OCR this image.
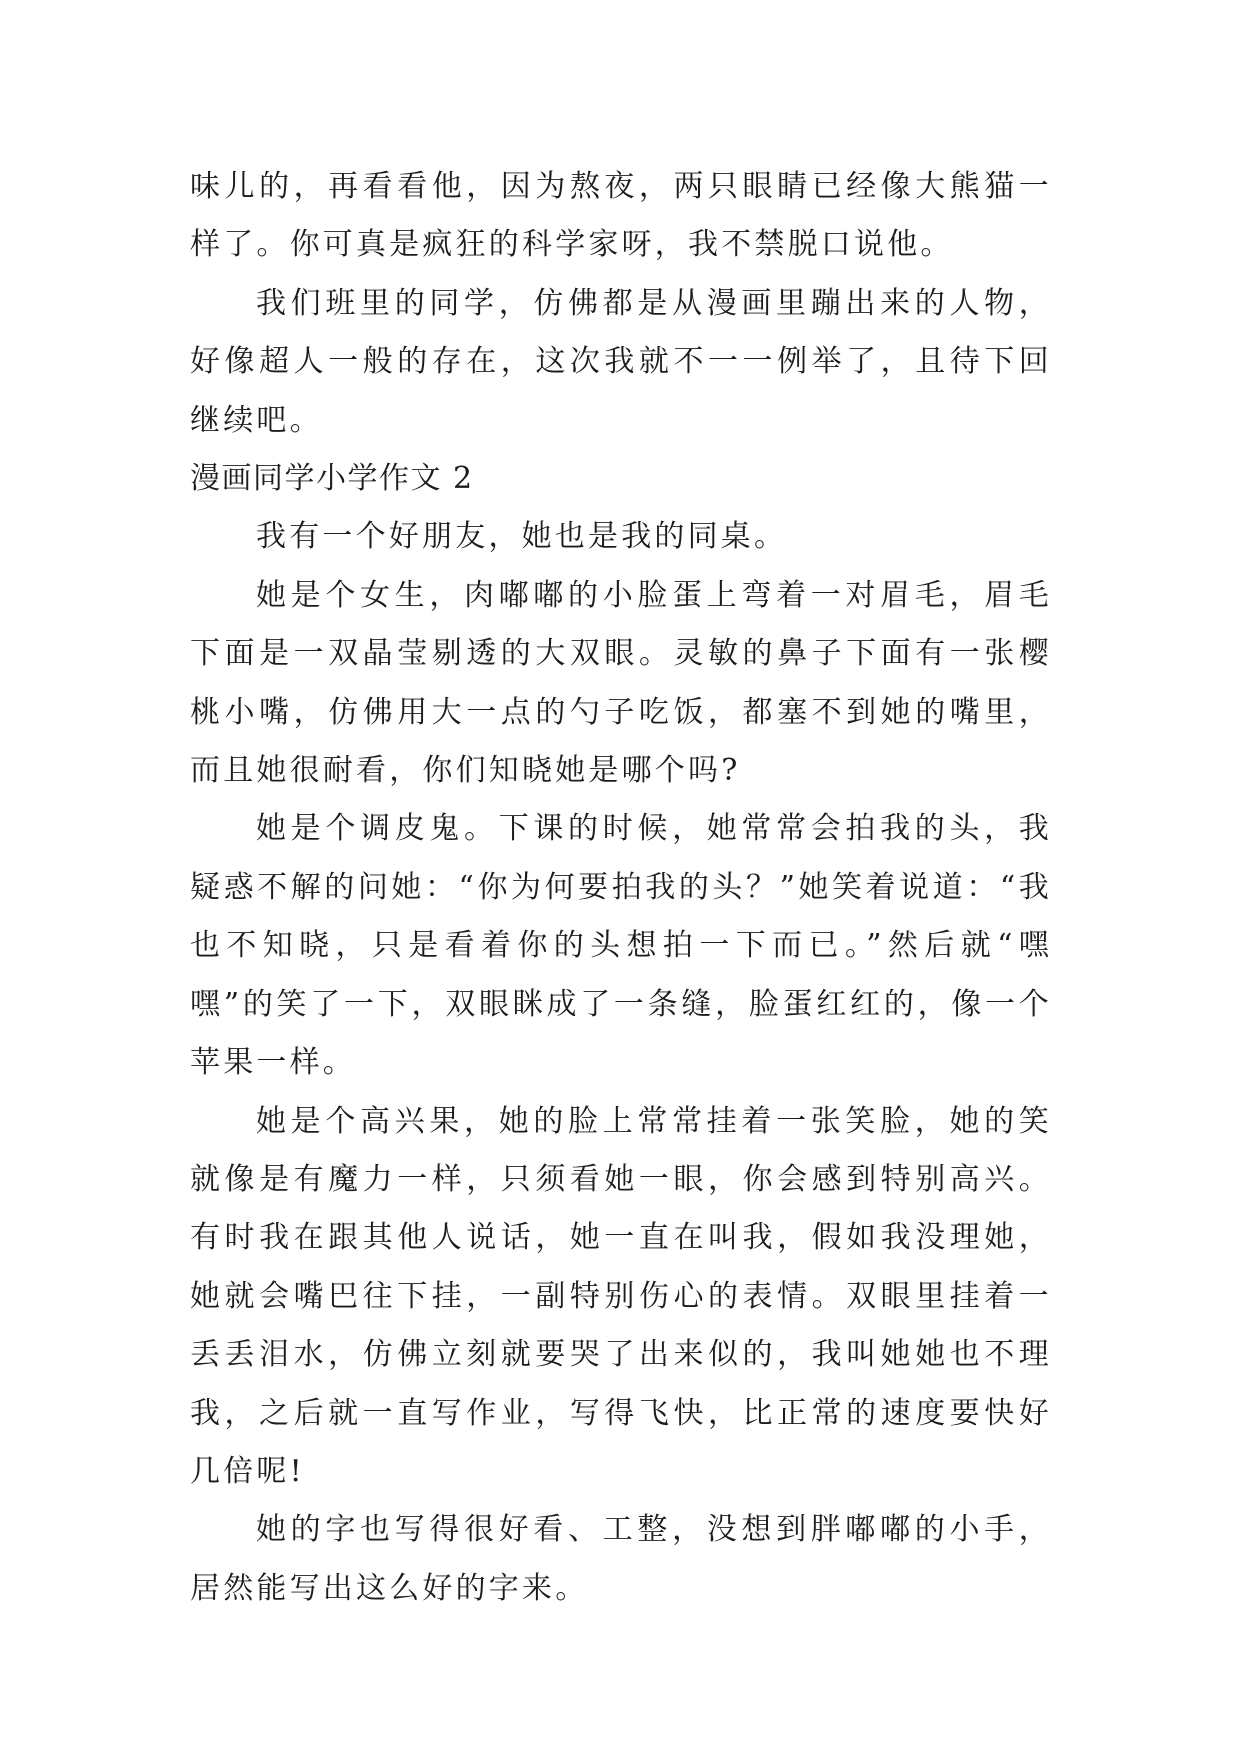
味儿的，再看看他，因为熬夜，两只眼睛已经像大熊猫一样了。你可真是疯狂的科学家呀，我不禁脱口说他。

我们班里的同学，仿佛都是从漫画里蹦出来的人物，好像超人一般的存在，这次我就不一一例举了，且待下回继续吧。

漫画同学小学作文 2

我有一个好朋友，她也是我的同桌。

她是个女生，肉嘟嘟的小脸蛋上弯着一对眉毛，眉毛下面是一双晶莹剔透的大双眼。灵敏的鼻子下面有一张樱桃小嘴，仿佛用大一点的勺子吃饭，都塞不到她的嘴里，而且她很耐看，你们知晓她是哪个吗?

她是个调皮鬼。下课的时候，她常常会拍我的头，我疑惑不解的问她：“你为何要拍我的头？”她笑着说道：“我也不知晓，只是看着你的头想拍一下而已。”然后就“嘿嘿”的笑了一下，双眼眯成了一条缝，脸蛋红红的，像一个苹果一样。

她是个高兴果，她的脸上常常挂着一张笑脸，她的笑就像是有魔力一样，只须看她一眼，你会感到特别高兴。有时我在跟其他人说话，她一直在叫我，假如我没理她，她就会嘴巴往下挂，一副特别伤心的表情。双眼里挂着一丢丢泪水，仿佛立刻就要哭了出来似的，我叫她她也不理我，之后就一直写作业，写得飞快，比正常的速度要快好几倍呢!

她的字也写得很好看、工整，没想到胖嘟嘟的小手，居然能写出这么好的字来。
